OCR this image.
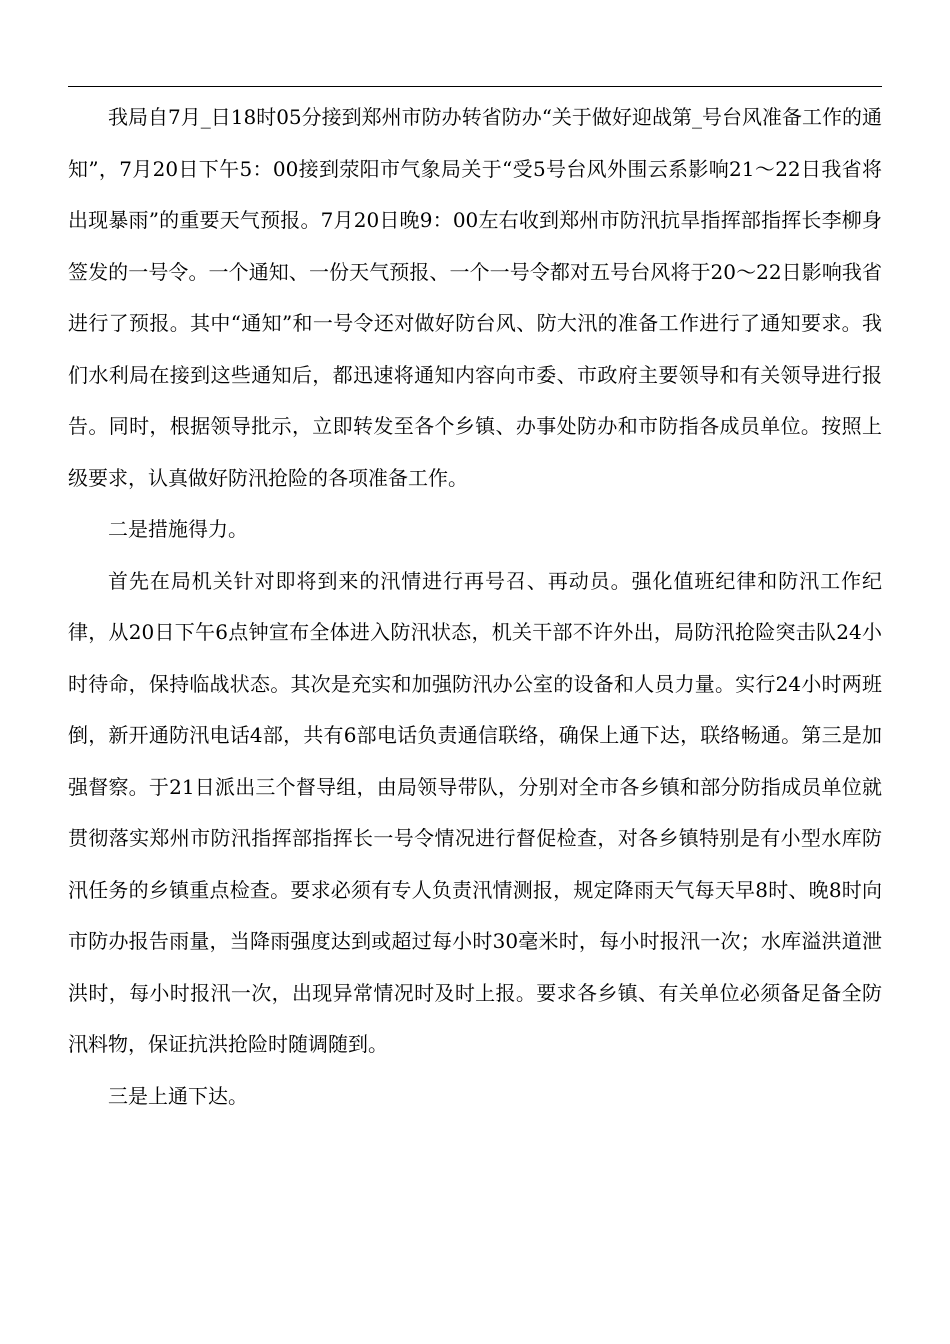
我局自7月_日18时05分接到郑州市防办转省防办“关于做好迎战第_号台风准备工作的通知”，7月20日下午5：00接到荥阳市气象局关于“受5号台风外围云系影响21～22日我省将出现暴雨”的重要天气预报。7月20日晚9：00左右收到郑州市防汛抗旱指挥部指挥长李柳身签发的一号令。一个通知、一份天气预报、一个一号令都对五号台风将于20～22日影响我省进行了预报。其中“通知”和一号令还对做好防台风、防大汛的准备工作进行了通知要求。我们水利局在接到这些通知后，都迅速将通知内容向市委、市政府主要领导和有关领导进行报告。同时，根据领导批示，立即转发至各个乡镇、办事处防办和市防指各成员单位。按照上级要求，认真做好防汛抢险的各项准备工作。

二是措施得力。

首先在局机关针对即将到来的汛情进行再号召、再动员。强化值班纪律和防汛工作纪律，从20日下午6点钟宣布全体进入防汛状态，机关干部不许外出，局防汛抢险突击队24小时待命，保持临战状态。其次是充实和加强防汛办公室的设备和人员力量。实行24小时两班倒，新开通防汛电话4部，共有6部电话负责通信联络，确保上通下达，联络畅通。第三是加强督察。于21日派出三个督导组，由局领导带队，分别对全市各乡镇和部分防指成员单位就贯彻落实郑州市防汛指挥部指挥长一号令情况进行督促检查，对各乡镇特别是有小型水库防汛任务的乡镇重点检查。要求必须有专人负责汛情测报，规定降雨天气每天早8时、晚8时向市防办报告雨量，当降雨强度达到或超过每小时30毫米时，每小时报汛一次；水库溢洪道泄洪时，每小时报汛一次，出现异常情况时及时上报。要求各乡镇、有关单位必须备足备全防汛料物，保证抗洪抢险时随调随到。

三是上通下达。
